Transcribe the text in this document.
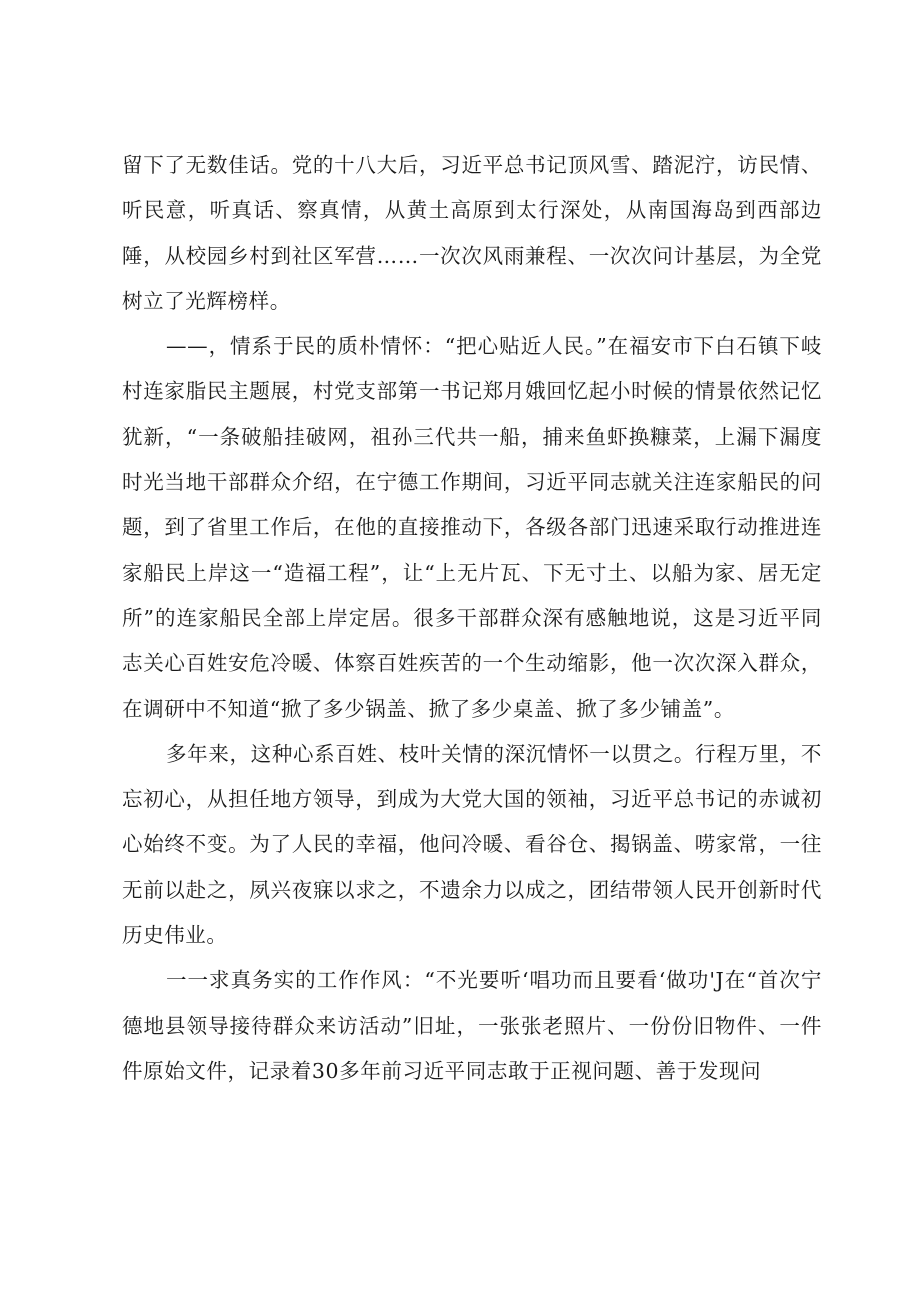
留下了无数佳话。党的十八大后，习近平总书记顶风雪、踏泥泞，访民情、听民意，听真话、察真情，从黄土高原到太行深处，从南国海岛到西部边陲，从校园乡村到社区军营……一次次风雨兼程、一次次问计基层，为全党树立了光辉榜样。

——，情系于民的质朴情怀：“把心贴近人民。”在福安市下白石镇下岐村连家脂民主题展，村党支部第一书记郑月娥回忆起小时候的情景依然记忆犹新，“一条破船挂破网，祖孙三代共一船，捕来鱼虾换糠菜，上漏下漏度时光当地干部群众介绍，在宁德工作期间，习近平同志就关注连家船民的问题，到了省里工作后，在他的直接推动下，各级各部门迅速采取行动推进连家船民上岸这一“造福工程”，让“上无片瓦、下无寸土、以船为家、居无定所”的连家船民全部上岸定居。很多干部群众深有感触地说，这是习近平同志关心百姓安危冷暖、体察百姓疾苦的一个生动缩影，他一次次深入群众，在调研中不知道“掀了多少锅盖、掀了多少桌盖、掀了多少铺盖”。

多年来，这种心系百姓、枝叶关情的深沉情怀一以贯之。行程万里，不忘初心，从担任地方领导，到成为大党大国的领袖，习近平总书记的赤诚初心始终不变。为了人民的幸福，他问冷暖、看谷仓、揭锅盖、唠家常，一往无前以赴之，夙兴夜寐以求之，不遗余力以成之，团结带领人民开创新时代历史伟业。

一一求真务实的工作作风：“不光要听‘唱功而且要看‘做功'J在“首次宁德地县领导接待群众来访活动”旧址，一张张老照片、一份份旧物件、一件件原始文件，记录着30多年前习近平同志敢于正视问题、善于发现问
